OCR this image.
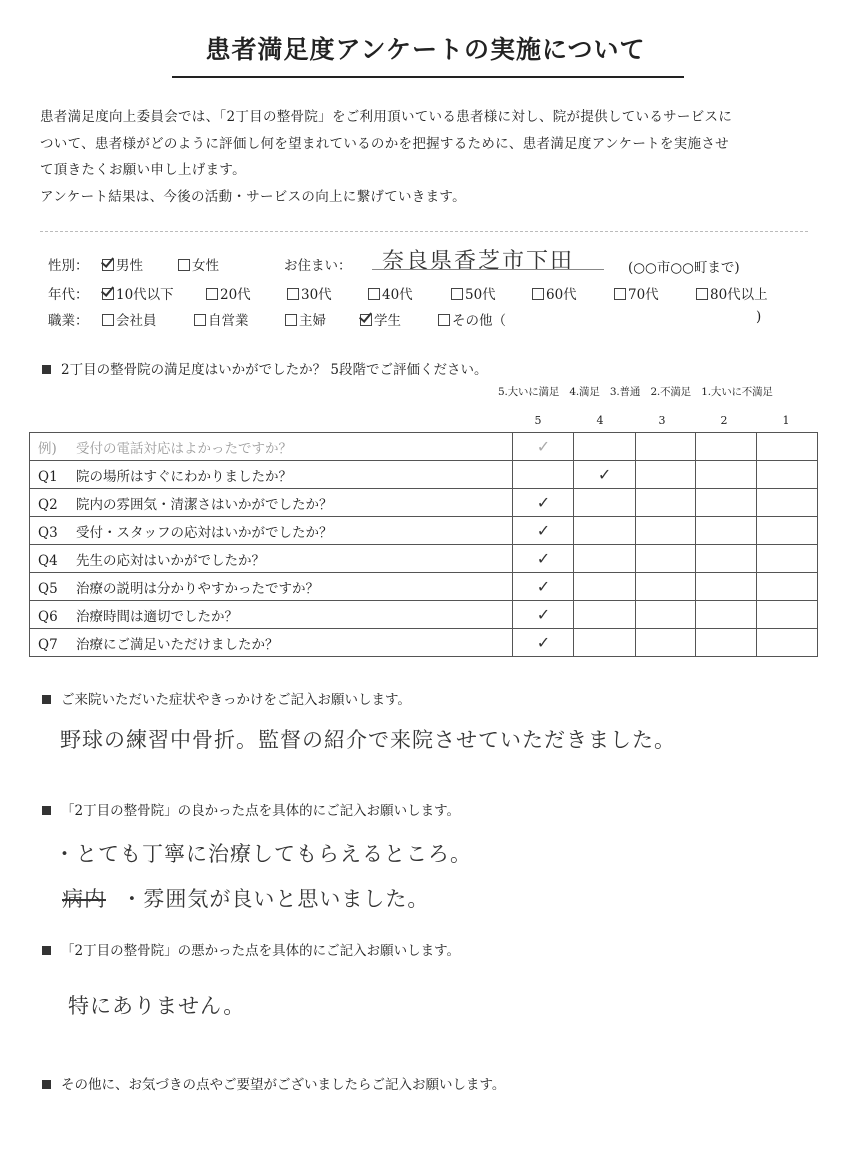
患者満足度アンケートの実施について

患者満足度向上委員会では、「2丁目の整骨院」をご利用頂いている患者様に対し、院が提供しているサービスに

ついて、患者様がどのように評価し何を望まれているのかを把握するために、患者満足度アンケートを実施させ

て頂きたくお願い申し上げます。

アンケート結果は、今後の活動・サービスの向上に繋げていきます。

性別：	男性	女性	お住まい： 奈良県香芝市下田	(○○市○○町まで)
年代：	10代以下	20代	30代	40代	50代	60代	70代	80代以上
職業：	会社員	自営業	主婦	学生	その他（	)
2丁目の整骨院の満足度はいかがでしたか？ 5段階でご評価ください。
5.大いに満足　4.満足　3.普通　2.不満足　1.大いに不満足
5	4	3	2	1
例) 受付の電話対応はよかったですか？	✓				
Q1 院の場所はすぐにわかりましたか？		✓			
Q2 院内の雰囲気・清潔さはいかがでしたか？	✓				
Q3 受付・スタッフの応対はいかがでしたか？	✓				
Q4 先生の応対はいかがでしたか？	✓				
Q5 治療の説明は分かりやすかったですか？	✓				
Q6 治療時間は適切でしたか？	✓				
Q7 治療にご満足いただけましたか？	✓				
ご来院いただいた症状やきっかけをご記入お願いします。
野球の練習中骨折。監督の紹介で来院させていただきました。
「2丁目の整骨院」の良かった点を具体的にご記入お願いします。
・とても丁寧に治療してもらえるところ。
病内 ・雰囲気が良いと思いました。
「2丁目の整骨院」の悪かった点を具体的にご記入お願いします。
特にありません。
その他に、お気づきの点やご要望がございましたらご記入お願いします。
